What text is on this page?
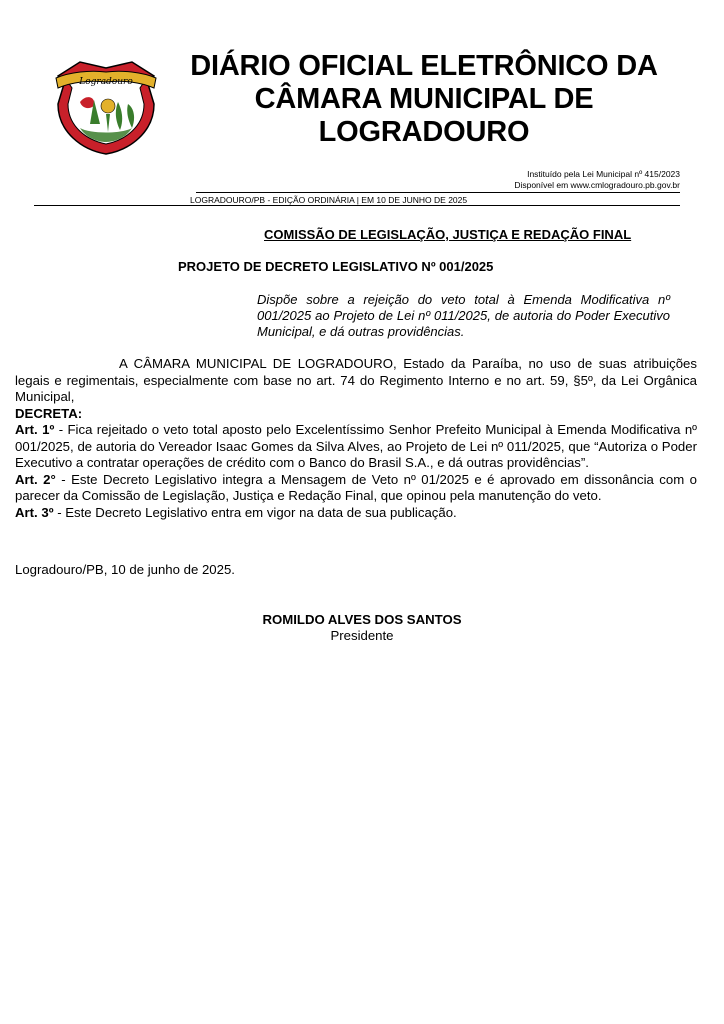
Logradouro	DIÁRIO OFICIAL ELETRÔNICO DA
CÂMARA MUNICIPAL DE
LOGRADOURO
Instituído pela Lei Municipal nº 415/2023
Disponível em www.cmlogradouro.pb.gov.br
LOGRADOURO/PB - EDIÇÃO ORDINÁRIA | EM 10 DE JUNHO DE 2025
COMISSÃO DE LEGISLAÇÃO, JUSTIÇA E REDAÇÃO FINAL
PROJETO DE DECRETO LEGISLATIVO Nº 001/2025
Dispõe sobre a rejeição do veto total à Emenda Modificativa nº 001/2025 ao Projeto de Lei nº 011/2025, de autoria do Poder Executivo Municipal, e dá outras providências.

A CÂMARA MUNICIPAL DE LOGRADOURO, Estado da Paraíba, no uso de suas atribuições legais e regimentais, especialmente com base no art. 74 do Regimento Interno e no art. 59, §5º, da Lei Orgânica Municipal,

DECRETA:

Art. 1º - Fica rejeitado o veto total aposto pelo Excelentíssimo Senhor Prefeito Municipal à Emenda Modificativa nº 001/2025, de autoria do Vereador Isaac Gomes da Silva Alves, ao Projeto de Lei nº 011/2025, que “Autoriza o Poder Executivo a contratar operações de crédito com o Banco do Brasil S.A., e dá outras providências”.

Art. 2° - Este Decreto Legislativo integra a Mensagem de Veto nº 01/2025 e é aprovado em dissonância com o parecer da Comissão de Legislação, Justiça e Redação Final, que opinou pela manutenção do veto.

Art. 3º - Este Decreto Legislativo entra em vigor na data de sua publicação.

Logradouro/PB, 10 de junho de 2025.
ROMILDO ALVES DOS SANTOS
Presidente
